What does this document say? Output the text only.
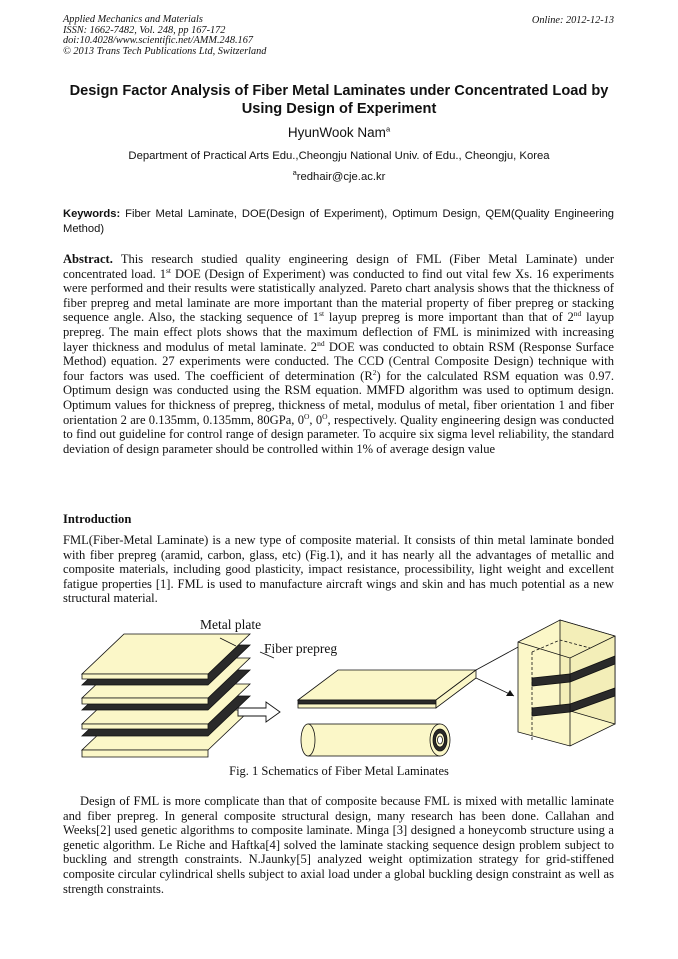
Applied Mechanics and Materials
ISSN: 1662-7482, Vol. 248, pp 167-172
doi:10.4028/www.scientific.net/AMM.248.167
© 2013 Trans Tech Publications Ltd, Switzerland
Online: 2012-12-13
Design Factor Analysis of Fiber Metal Laminates under Concentrated Load by Using Design of Experiment
HyunWook Nam$^a$
Department of Practical Arts Edu.,Cheongju National Univ. of Edu., Cheongju, Korea
$^a$redhair@cje.ac.kr

Keywords: Fiber Metal Laminate, DOE(Design of Experiment), Optimum Design, QEM(Quality Engineering Method)

Abstract. This research studied quality engineering design of FML (Fiber Metal Laminate) under concentrated load. 1st DOE (Design of Experiment) was conducted to find out vital few Xs. 16 experiments were performed and their results were statistically analyzed. Pareto chart analysis shows that the thickness of fiber prepreg and metal laminate are more important than the material property of fiber prepreg or stacking sequence angle. Also, the stacking sequence of 1st layup prepreg is more important than that of 2nd layup prepreg. The main effect plots shows that the maximum deflection of FML is minimized with increasing layer thickness and modulus of metal laminate. 2nd DOE was conducted to obtain RSM (Response Surface Method) equation. 27 experiments were conducted. The CCD (Central Composite Design) technique with four factors was used. The coefficient of determination $(R^2)$ for the calculated RSM equation was 0.97. Optimum design was conducted using the RSM equation. MMFD algorithm was used to optimum design. Optimum values for thickness of prepreg, thickness of metal, modulus of metal, fiber orientation 1 and fiber orientation 2 are 0.135mm, 0.135mm, 80GPa, $0^O$, $0^O$, respectively. Quality engineering design was conducted to find out guideline for control range of design parameter. To acquire six sigma level reliability, the standard deviation of design parameter should be controlled within 1% of average design value

Introduction

FML(Fiber-Metal Laminate) is a new type of composite material. It consists of thin metal laminate bonded with fiber prepreg (aramid, carbon, glass, etc) (Fig.1), and it has nearly all the advantages of metallic and composite materials, including good plasticity, impact resistance, processibility, light weight and excellent fatigue properties [1]. FML is used to manufacture aircraft wings and skin and has much potential as a new structural material.

Metal plate
Fiber prepreg
Fig. 1 Schematics of Fiber Metal Laminates

Design of FML is more complicate than that of composite because FML is mixed with metallic laminate and fiber prepreg. In general composite structural design, many research has been done. Callahan and Weeks[2] used genetic algorithms to composite laminate. Minga [3] designed a honeycomb structure using a genetic algorithm. Le Riche and Haftka[4] solved the laminate stacking sequence design problem subject to buckling and strength constraints. N.Jaunky[5] analyzed weight optimization strategy for grid-stiffened composite circular cylindrical shells subject to axial load under a global buckling design constraint as well as strength constraints.
